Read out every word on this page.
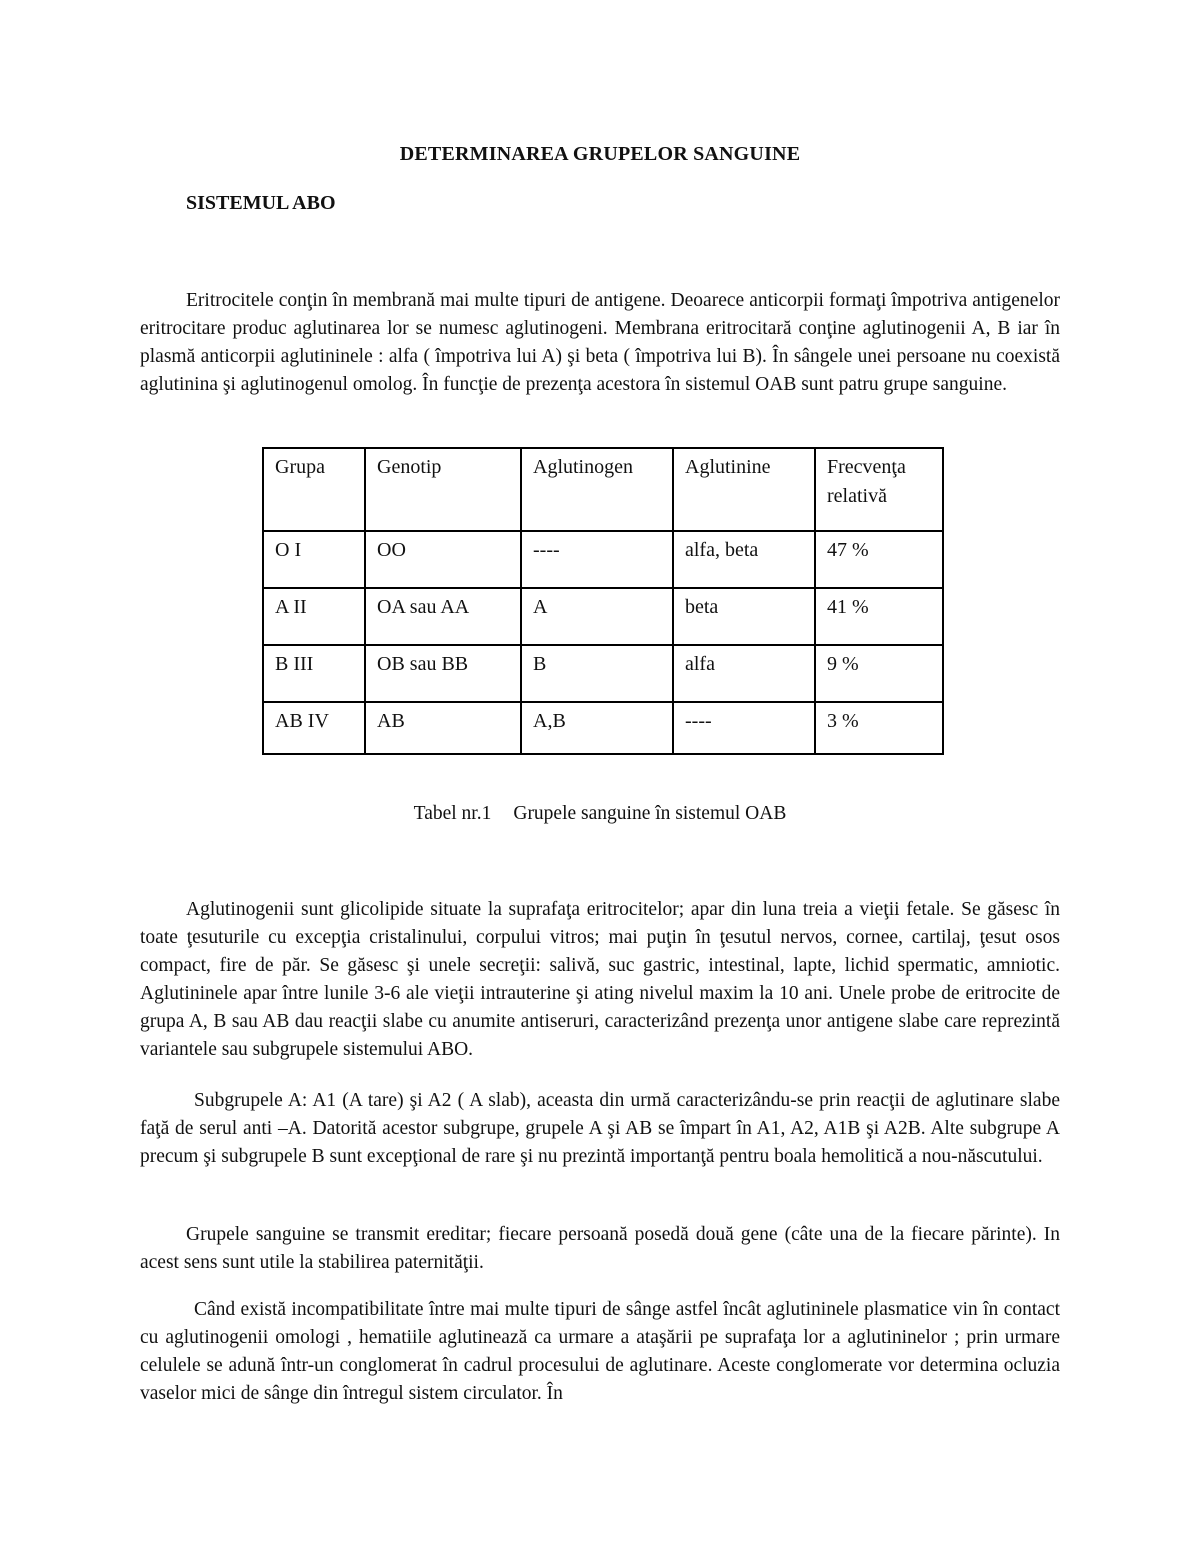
DETERMINAREA GRUPELOR SANGUINE
SISTEMUL ABO

Eritrocitele conţin în membrană mai multe tipuri de antigene. Deoarece anticorpii formaţi împotriva antigenelor eritrocitare produc aglutinarea lor se numesc aglutinogeni. Membrana eritrocitară conţine aglutinogenii A, B iar în plasmă anticorpii aglutininele : alfa ( împotriva lui A) şi beta ( împotriva lui B). În sângele unei persoane nu coexistă aglutinina şi aglutinogenul omolog. În funcţie de prezenţa acestora în sistemul OAB sunt patru grupe sanguine.

Grupa	Genotip	Aglutinogen	Aglutinine	Frecvenţa relativă
O I	OO	----	alfa, beta	47 %
A II	OA sau AA	A	beta	41 %
B III	OB sau BB	B	alfa	9 %
AB IV	AB	A,B	----	3 %
Tabel nr.1 Grupele sanguine în sistemul OAB

Aglutinogenii sunt glicolipide situate la suprafaţa eritrocitelor; apar din luna treia a vieţii fetale. Se găsesc în toate ţesuturile cu excepţia cristalinului, corpului vitros; mai puţin în ţesutul nervos, cornee, cartilaj, ţesut osos compact, fire de păr. Se găsesc şi unele secreţii: salivă, suc gastric, intestinal, lapte, lichid spermatic, amniotic. Aglutininele apar între lunile 3-6 ale vieţii intrauterine şi ating nivelul maxim la 10 ani. Unele probe de eritrocite de grupa A, B sau AB dau reacţii slabe cu anumite antiseruri, caracterizând prezenţa unor antigene slabe care reprezintă variantele sau subgrupele sistemului ABO.

Subgrupele A: A1 (A tare) şi A2 ( A slab), aceasta din urmă caracterizându-se prin reacţii de aglutinare slabe faţă de serul anti –A. Datorită acestor subgrupe, grupele A şi AB se împart în A1, A2, A1B şi A2B. Alte subgrupe A precum şi subgrupele B sunt excepţional de rare şi nu prezintă importanţă pentru boala hemolitică a nou-născutului.

Grupele sanguine se transmit ereditar; fiecare persoană posedă două gene (câte una de la fiecare părinte). In acest sens sunt utile la stabilirea paternităţii.

Când există incompatibilitate între mai multe tipuri de sânge astfel încât aglutininele plasmatice vin în contact cu aglutinogenii omologi , hematiile aglutinează ca urmare a ataşării pe suprafaţa lor a aglutininelor ; prin urmare celulele se adună într-un conglomerat în cadrul procesului de aglutinare. Aceste conglomerate vor determina ocluzia vaselor mici de sânge din întregul sistem circulator. În
